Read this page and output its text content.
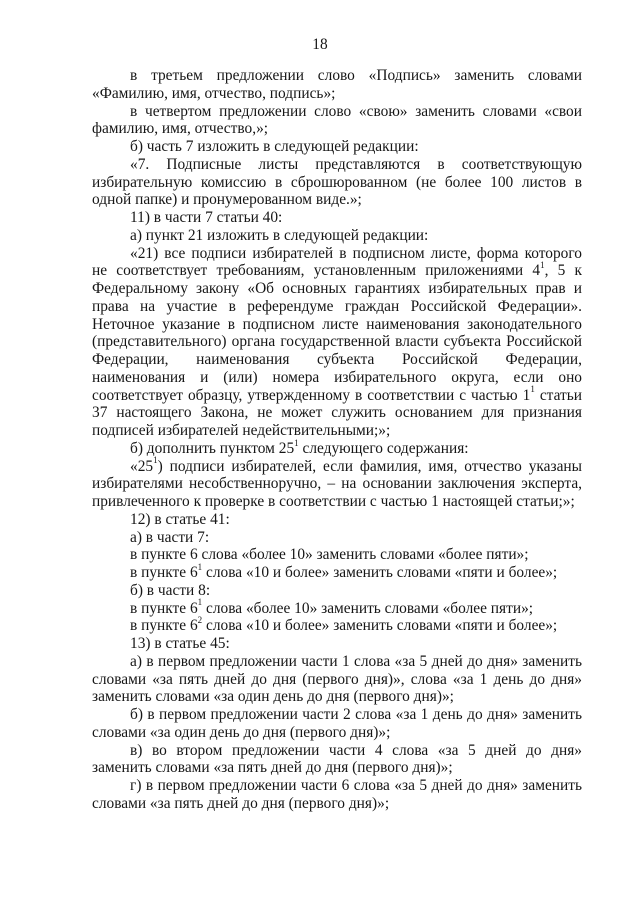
18

в третьем предложении слово «Подпись» заменить словами «Фамилию, имя, отчество, подпись»;

в четвертом предложении слово «свою» заменить словами «свои фамилию, имя, отчество,»;

б) часть 7 изложить в следующей редакции:

«7. Подписные листы представляются в соответствующую избирательную комиссию в сброшюрованном (не более 100 листов в одной папке) и пронумерованном виде.»;

11) в части 7 статьи 40:

а) пункт 21 изложить в следующей редакции:

«21) все подписи избирателей в подписном листе, форма которого не соответствует требованиям, установленным приложениями $4^1$, 5 к Федеральному закону «Об основных гарантиях избирательных прав и права на участие в референдуме граждан Российской Федерации». Неточное указание в подписном листе наименования законодательного (представительного) органа государственной власти субъекта Российской Федерации, наименования субъекта Российской Федерации, наименования и (или) номера избирательного округа, если оно соответствует образцу, утвержденному в соответствии с частью $1^1$ статьи 37 настоящего Закона, не может служить основанием для признания подписей избирателей недействительными;»;

б) дополнить пунктом $25^1$ следующего содержания:

«$25^1$) подписи избирателей, если фамилия, имя, отчество указаны избирателями несобственноручно, – на основании заключения эксперта, привлеченного к проверке в соответствии с частью 1 настоящей статьи;»;

12) в статье 41:

а) в части 7:

в пункте 6 слова «более 10» заменить словами «более пяти»;

в пункте $6^1$ слова «10 и более» заменить словами «пяти и более»;

б) в части 8:

в пункте $6^1$ слова «более 10» заменить словами «более пяти»;

в пункте $6^2$ слова «10 и более» заменить словами «пяти и более»;

13) в статье 45:

а) в первом предложении части 1 слова «за 5 дней до дня» заменить словами «за пять дней до дня (первого дня)», слова «за 1 день до дня» заменить словами «за один день до дня (первого дня)»;

б) в первом предложении части 2 слова «за 1 день до дня» заменить словами «за один день до дня (первого дня)»;

в) во втором предложении части 4 слова «за 5 дней до дня» заменить словами «за пять дней до дня (первого дня)»;

г) в первом предложении части 6 слова «за 5 дней до дня» заменить словами «за пять дней до дня (первого дня)»;
